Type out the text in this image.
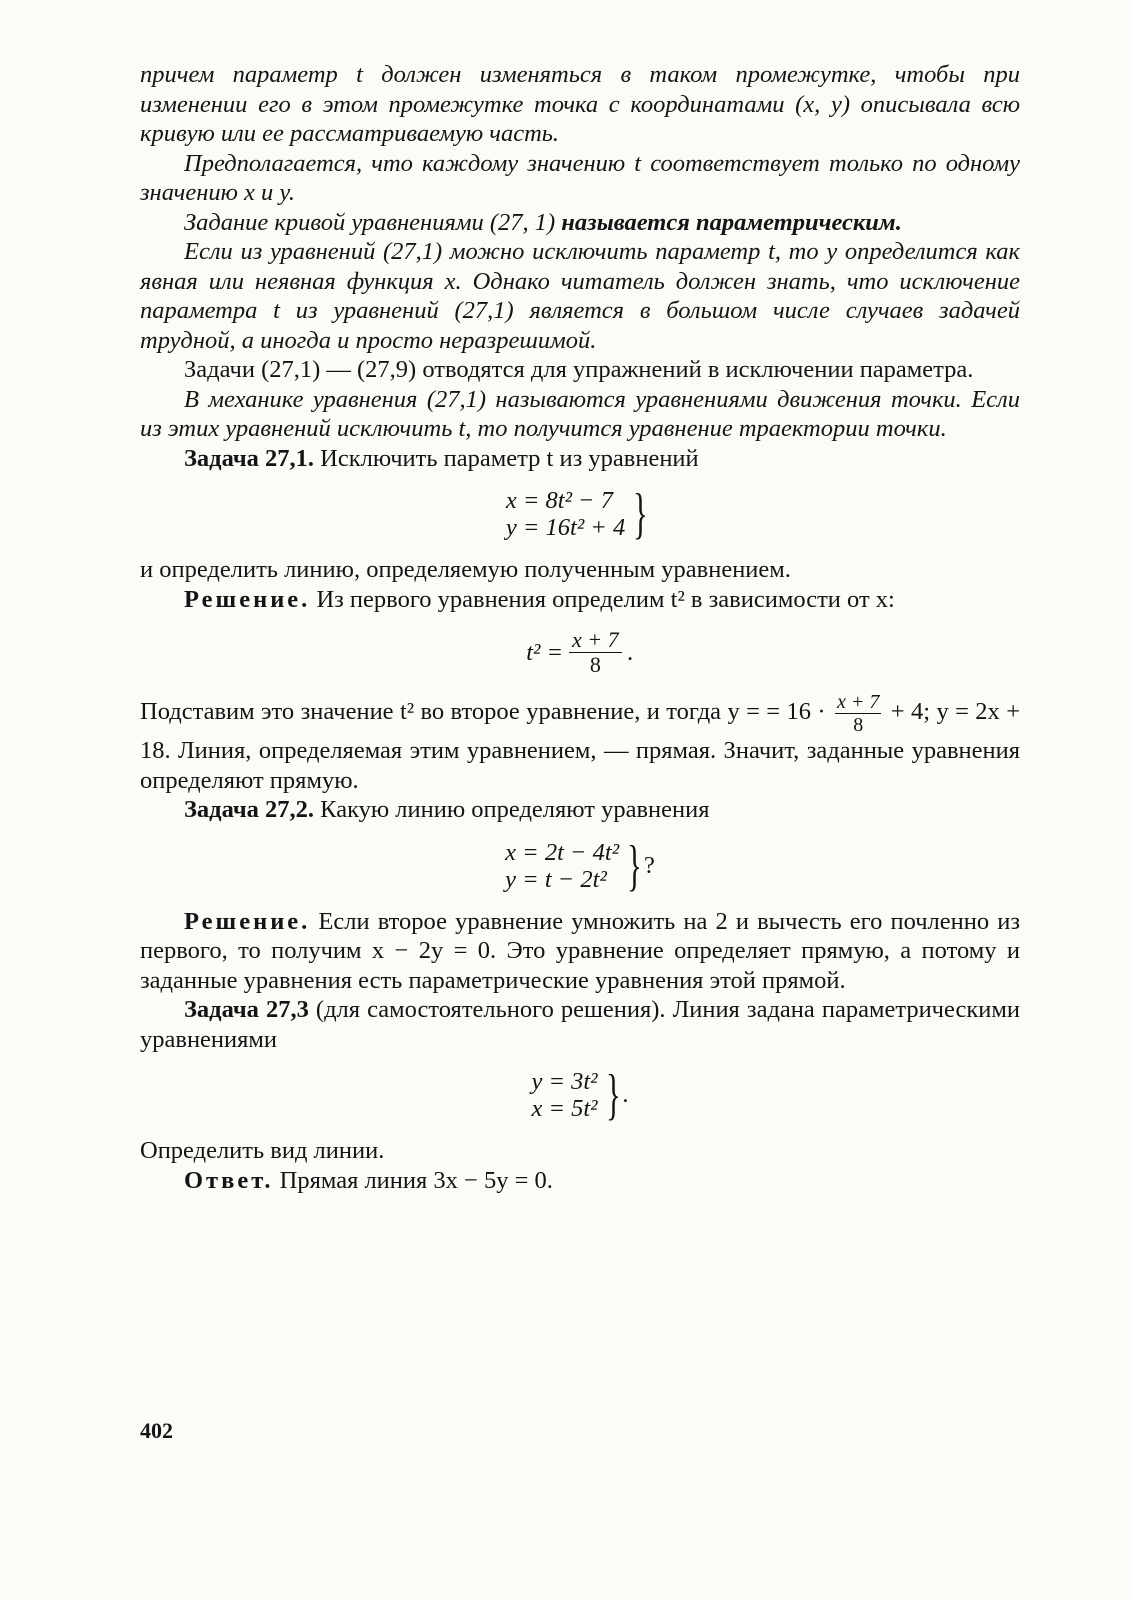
причем параметр t должен изменяться в таком промежутке, чтобы при изменении его в этом промежутке точка с координатами (x, y) описывала всю кривую или ее рассматриваемую часть.

Предполагается, что каждому значению t соответствует только по одному значению x и y.

Задание кривой уравнениями (27, 1) называется параметрическим.

Если из уравнений (27,1) можно исключить параметр t, то y определится как явная или неявная функция x. Однако читатель должен знать, что исключение параметра t из уравнений (27,1) является в большом числе случаев задачей трудной, а иногда и просто неразрешимой.

Задачи (27,1) — (27,9) отводятся для упражнений в исключении параметра.

В механике уравнения (27,1) называются уравнениями движения точки. Если из этих уравнений исключить t, то получится уравнение траектории точки.

Задача 27,1. Исключить параметр t из уравнений

x = 8t² − 7
y = 16t² + 4 }

и определить линию, определяемую полученным уравнением.

Решение. Из первого уравнения определим t² в зависимости от x:

$t^2 = \frac{x + 7}{8}$ .

Подставим это значение t² во второе уравнение, и тогда y = = $16 \cdot \frac{x + 7}{8} + 4$; y = 2x + 18. Линия, определяемая этим уравнением, — прямая. Значит, заданные уравнения определяют прямую.

Задача 27,2. Какую линию определяют уравнения

x = 2t − 4t²
y = t − 2t² } ?

Решение. Если второе уравнение умножить на 2 и вычесть его почленно из первого, то получим x − 2y = 0. Это уравнение определяет прямую, а потому и заданные уравнения есть параметрические уравнения этой прямой.

Задача 27,3 (для самостоятельного решения). Линия задана параметрическими уравнениями

y = 3t²
x = 5t² } .

Определить вид линии.

Ответ. Прямая линия 3x − 5y = 0.

402
